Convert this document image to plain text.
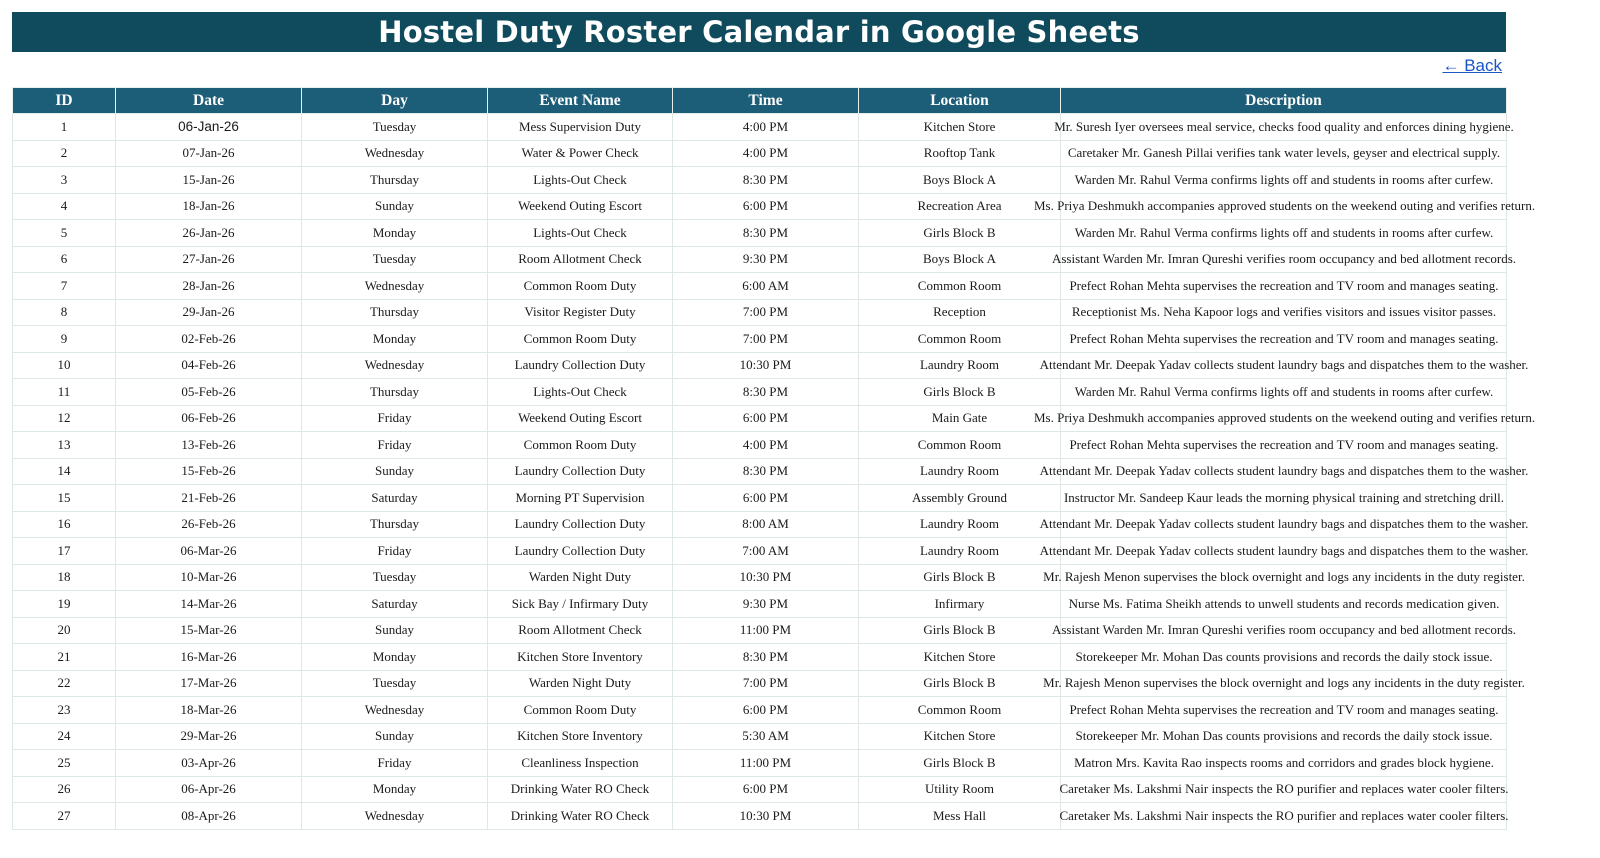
Hostel Duty Roster Calendar in Google Sheets
← Back
ID	Date	Day	Event Name	Time	Location	Description
1	06-Jan-26	Tuesday	Mess Supervision Duty	4:00 PM	Kitchen Store	Mr. Suresh Iyer oversees meal service, checks food quality and enforces dining hygiene.

2	07-Jan-26	Wednesday	Water & Power Check	4:00 PM	Rooftop Tank	Caretaker Mr. Ganesh Pillai verifies tank water levels, geyser and electrical supply.

3	15-Jan-26	Thursday	Lights-Out Check	8:30 PM	Boys Block A	Warden Mr. Rahul Verma confirms lights off and students in rooms after curfew.

4	18-Jan-26	Sunday	Weekend Outing Escort	6:00 PM	Recreation Area	Ms. Priya Deshmukh accompanies approved students on the weekend outing and verifies return.

5	26-Jan-26	Monday	Lights-Out Check	8:30 PM	Girls Block B	Warden Mr. Rahul Verma confirms lights off and students in rooms after curfew.

6	27-Jan-26	Tuesday	Room Allotment Check	9:30 PM	Boys Block A	Assistant Warden Mr. Imran Qureshi verifies room occupancy and bed allotment records.

7	28-Jan-26	Wednesday	Common Room Duty	6:00 AM	Common Room	Prefect Rohan Mehta supervises the recreation and TV room and manages seating.

8	29-Jan-26	Thursday	Visitor Register Duty	7:00 PM	Reception	Receptionist Ms. Neha Kapoor logs and verifies visitors and issues visitor passes.

9	02-Feb-26	Monday	Common Room Duty	7:00 PM	Common Room	Prefect Rohan Mehta supervises the recreation and TV room and manages seating.

10	04-Feb-26	Wednesday	Laundry Collection Duty	10:30 PM	Laundry Room	Attendant Mr. Deepak Yadav collects student laundry bags and dispatches them to the washer.

11	05-Feb-26	Thursday	Lights-Out Check	8:30 PM	Girls Block B	Warden Mr. Rahul Verma confirms lights off and students in rooms after curfew.

12	06-Feb-26	Friday	Weekend Outing Escort	6:00 PM	Main Gate	Ms. Priya Deshmukh accompanies approved students on the weekend outing and verifies return.

13	13-Feb-26	Friday	Common Room Duty	4:00 PM	Common Room	Prefect Rohan Mehta supervises the recreation and TV room and manages seating.

14	15-Feb-26	Sunday	Laundry Collection Duty	8:30 PM	Laundry Room	Attendant Mr. Deepak Yadav collects student laundry bags and dispatches them to the washer.

15	21-Feb-26	Saturday	Morning PT Supervision	6:00 PM	Assembly Ground	Instructor Mr. Sandeep Kaur leads the morning physical training and stretching drill.

16	26-Feb-26	Thursday	Laundry Collection Duty	8:00 AM	Laundry Room	Attendant Mr. Deepak Yadav collects student laundry bags and dispatches them to the washer.

17	06-Mar-26	Friday	Laundry Collection Duty	7:00 AM	Laundry Room	Attendant Mr. Deepak Yadav collects student laundry bags and dispatches them to the washer.

18	10-Mar-26	Tuesday	Warden Night Duty	10:30 PM	Girls Block B	Mr. Rajesh Menon supervises the block overnight and logs any incidents in the duty register.

19	14-Mar-26	Saturday	Sick Bay / Infirmary Duty	9:30 PM	Infirmary	Nurse Ms. Fatima Sheikh attends to unwell students and records medication given.

20	15-Mar-26	Sunday	Room Allotment Check	11:00 PM	Girls Block B	Assistant Warden Mr. Imran Qureshi verifies room occupancy and bed allotment records.

21	16-Mar-26	Monday	Kitchen Store Inventory	8:30 PM	Kitchen Store	Storekeeper Mr. Mohan Das counts provisions and records the daily stock issue.

22	17-Mar-26	Tuesday	Warden Night Duty	7:00 PM	Girls Block B	Mr. Rajesh Menon supervises the block overnight and logs any incidents in the duty register.

23	18-Mar-26	Wednesday	Common Room Duty	6:00 PM	Common Room	Prefect Rohan Mehta supervises the recreation and TV room and manages seating.

24	29-Mar-26	Sunday	Kitchen Store Inventory	5:30 AM	Kitchen Store	Storekeeper Mr. Mohan Das counts provisions and records the daily stock issue.

25	03-Apr-26	Friday	Cleanliness Inspection	11:00 PM	Girls Block B	Matron Mrs. Kavita Rao inspects rooms and corridors and grades block hygiene.

26	06-Apr-26	Monday	Drinking Water RO Check	6:00 PM	Utility Room	Caretaker Ms. Lakshmi Nair inspects the RO purifier and replaces water cooler filters.

27	08-Apr-26	Wednesday	Drinking Water RO Check	10:30 PM	Mess Hall	Caretaker Ms. Lakshmi Nair inspects the RO purifier and replaces water cooler filters.
